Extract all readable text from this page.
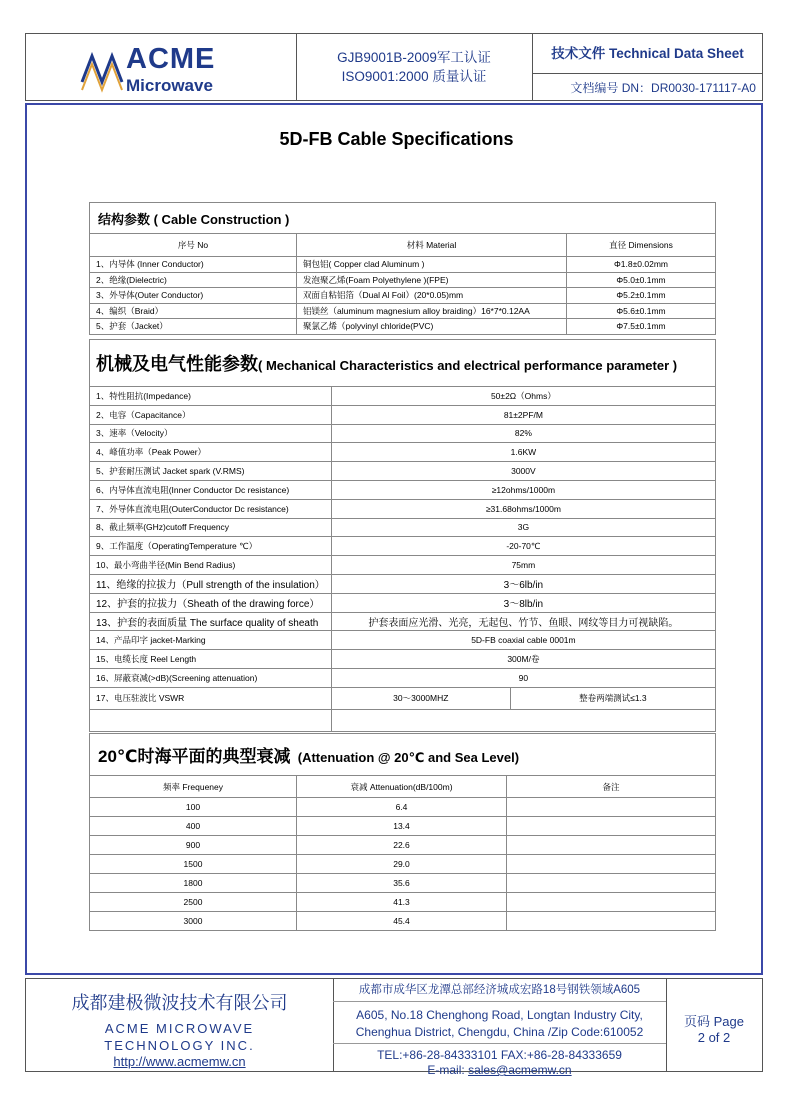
ACME
Microwave
GJB9001B-2009军工认证
ISO9001:2000 质量认证
技术文件 Technical Data Sheet
文档编号 DN：DR0030-171117-A0
5D-FB Cable Specifications
结构参数 ( Cable Construction )		
序号 No	材料 Material	直径 Dimensions
1、内导体 (Inner Conductor)	铜包铝( Copper clad Aluminum )	Φ1.8±0.02mm
2、绝缘(Dielectric)	发泡聚乙烯(Foam Polyethylene )(FPE)	Φ5.0±0.1mm
3、外导体(Outer Conductor)	双面自粘铝箔（Dual Al Foil）(20*0.05)mm	Φ5.2±0.1mm
4、编织（Braid）	铝镁丝（aluminum magnesium alloy braiding）16*7*0.12AA	Φ5.6±0.1mm
5、护套（Jacket）	聚氯乙烯（polyvinyl chloride(PVC)	Φ7.5±0.1mm
机械及电气性能参数( Mechanical Characteristics and electrical performance parameter )		
1、特性阻抗(Impedance)	50±2Ω（Ohms）	
2、电容（Capacitance）	81±2PF/M	
3、速率（Velocity）	82%	
4、峰值功率（Peak Power）	1.6KW	
5、护套耐压测试 Jacket spark (V.RMS)	3000V	
6、内导体直流电阻(Inner Conductor Dc resistance)	≥12ohms/1000m	
7、外导体直流电阻(OuterConductor Dc resistance)	≥31.68ohms/1000m	
8、截止频率(GHz)cutoff Frequency	3G	
9、工作温度（OperatingTemperature ℃）	-20-70℃	
10、最小弯曲半径(Min Bend Radius)	75mm	
11、绝缘的拉拔力（Pull strength of the insulation）	3～6lb/in	
12、护套的拉拔力（Sheath of the drawing force）	3～8lb/in	
13、护套的表面质量 The surface quality of sheath	护套表面应光滑、光亮，无起包、竹节、鱼眼、网纹等目力可视缺陷。	
14、产品印字 jacket-Marking	5D-FB coaxial cable 0001m	
15、电缆长度 Reel Length	300M/卷	
16、屏蔽衰减(>dB)(Screening attenuation)	90	
17、电压驻波比 VSWR	30～3000MHZ	整卷两端测试≤1.3

20℃时海平面的典型衰减 (Attenuation @ 20℃ and Sea Level)		
频率 Frequeney	衰减 Attenuation(dB/100m)	备注
100	6.4	
400	13.4	
900	22.6	
1500	29.0	
1800	35.6	
2500	41.3	
3000	45.4	
成都建极微波技术有限公司
ACME MICROWAVE
TECHNOLOGY INC.
http://www.acmemw.cn
成都市成华区龙潭总部经济城成宏路18号钢铁领域A605
A605, No.18 Chenghong Road, Longtan Industry City,
Chenghua District, Chengdu, China /Zip Code:610052
TEL:+86-28-84333101 FAX:+86-28-84333659
E-mail: sales@acmemw.cn
页码 Page
2 of 2
